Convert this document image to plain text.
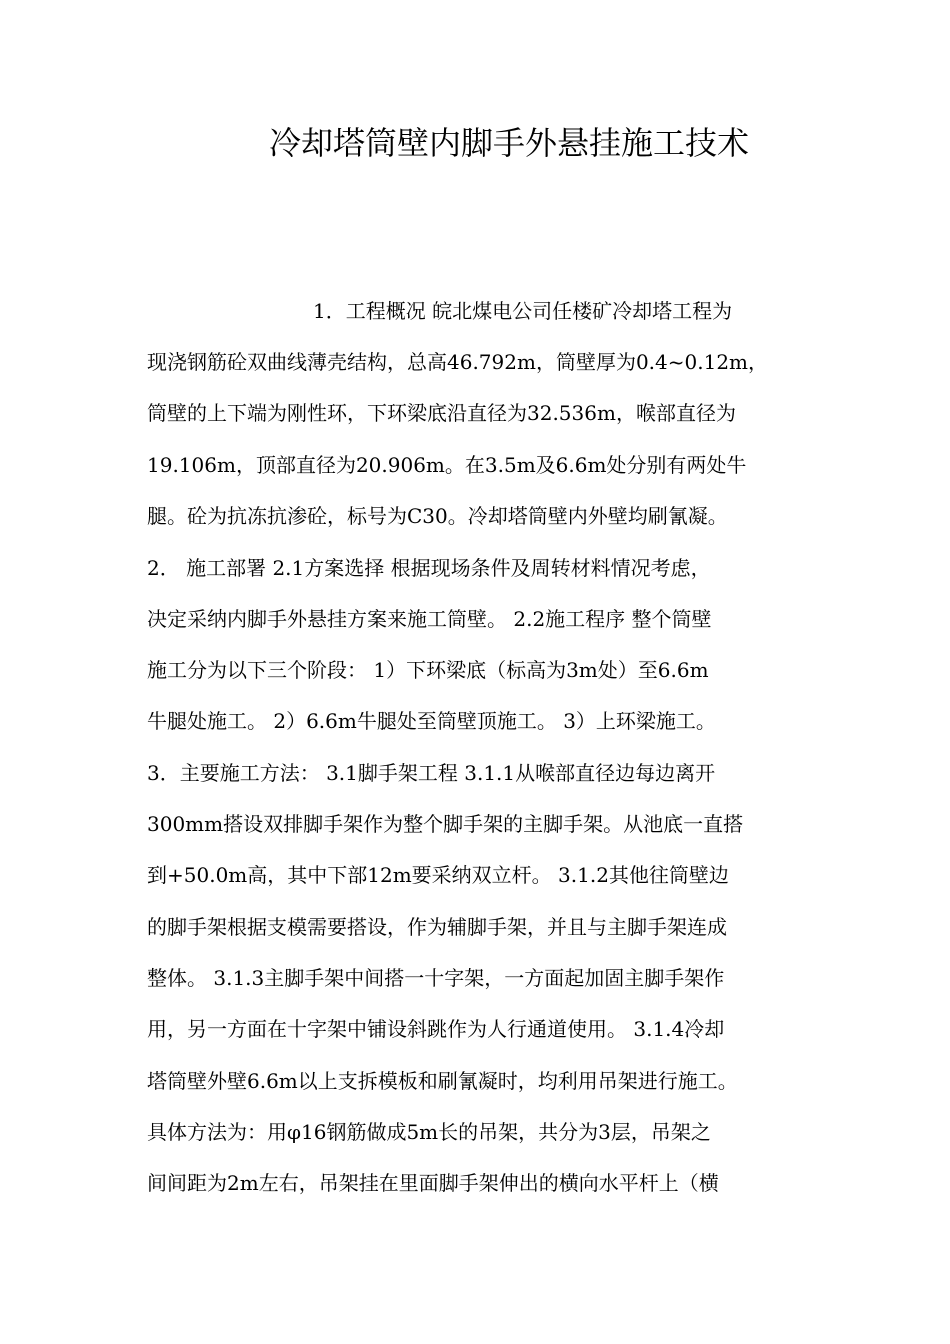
冷却塔筒壁内脚手外悬挂施工技术
1．工程概况 皖北煤电公司任楼矿冷却塔工程为
现浇钢筋砼双曲线薄壳结构，总高46.792m，筒壁厚为0.4~0.12m，
筒壁的上下端为刚性环，下环梁底沿直径为32.536m，喉部直径为
19.106m，顶部直径为20.906m。在3.5m及6.6m处分别有两处牛
腿。砼为抗冻抗渗砼，标号为C30。冷却塔筒壁内外壁均刷氰凝。
2． 施工部署 2.1方案选择 根据现场条件及周转材料情况考虑，
决定采纳内脚手外悬挂方案来施工筒壁。 2.2施工程序 整个筒壁
施工分为以下三个阶段： 1）下环梁底（标高为3m处）至6.6m
牛腿处施工。 2）6.6m牛腿处至筒壁顶施工。 3）上环梁施工。
3．主要施工方法： 3.1脚手架工程 3.1.1从喉部直径边每边离开
300mm搭设双排脚手架作为整个脚手架的主脚手架。从池底一直搭
到+50.0m高，其中下部12m要采纳双立杆。 3.1.2其他往筒壁边
的脚手架根据支模需要搭设，作为辅脚手架，并且与主脚手架连成
整体。 3.1.3主脚手架中间搭一十字架，一方面起加固主脚手架作
用，另一方面在十字架中铺设斜跳作为人行通道使用。 3.1.4冷却
塔筒壁外壁6.6m以上支拆模板和刷氰凝时，均利用吊架进行施工。
具体方法为：用φ16钢筋做成5m长的吊架，共分为3层，吊架之
间间距为2m左右，吊架挂在里面脚手架伸出的横向水平杆上（横
